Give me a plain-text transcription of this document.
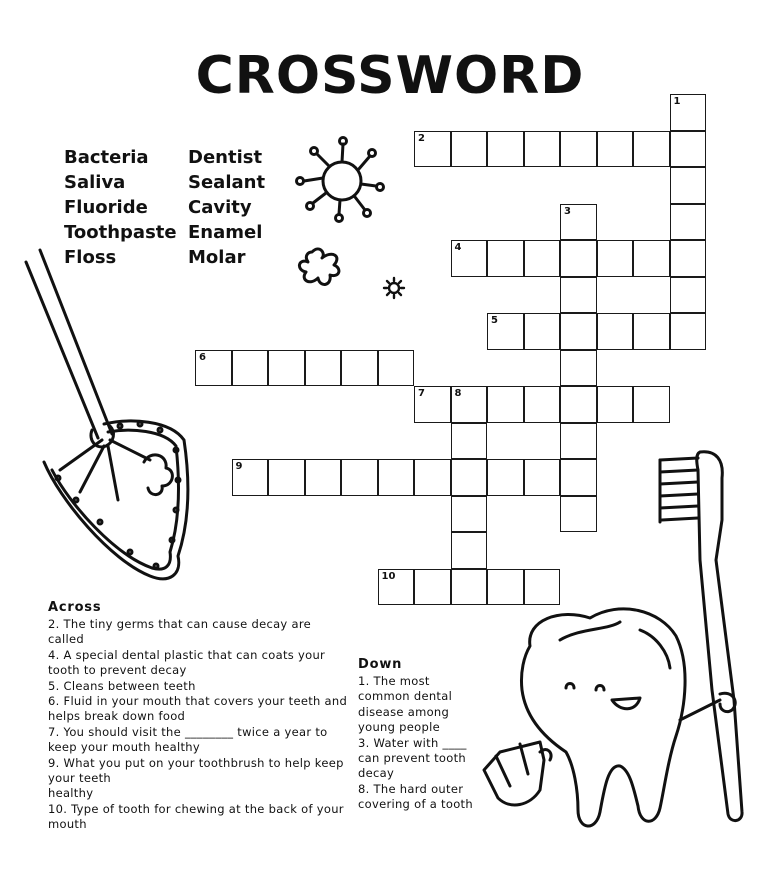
CROSSWORD
Bacteria	Dentist
Saliva	Sealant
Fluoride	Cavity
Toothpaste Enamel
Floss	Molar
1
2
3
4
5
6
7	8
9
10
Across

2. The tiny germs that can cause decay are called

4. A special dental plastic that can coats your tooth to prevent decay

5. Cleans between teeth

6. Fluid in your mouth that covers your teeth and helps break down food

7. You should visit the ________ twice a year to keep your mouth healthy

9. What you put on your toothbrush to help keep your teeth

healthy

10. Type of tooth for chewing at the back of your mouth

Down

1. The most common dental disease among young people

3. Water with ____ can prevent tooth decay

8. The hard outer covering of a tooth
